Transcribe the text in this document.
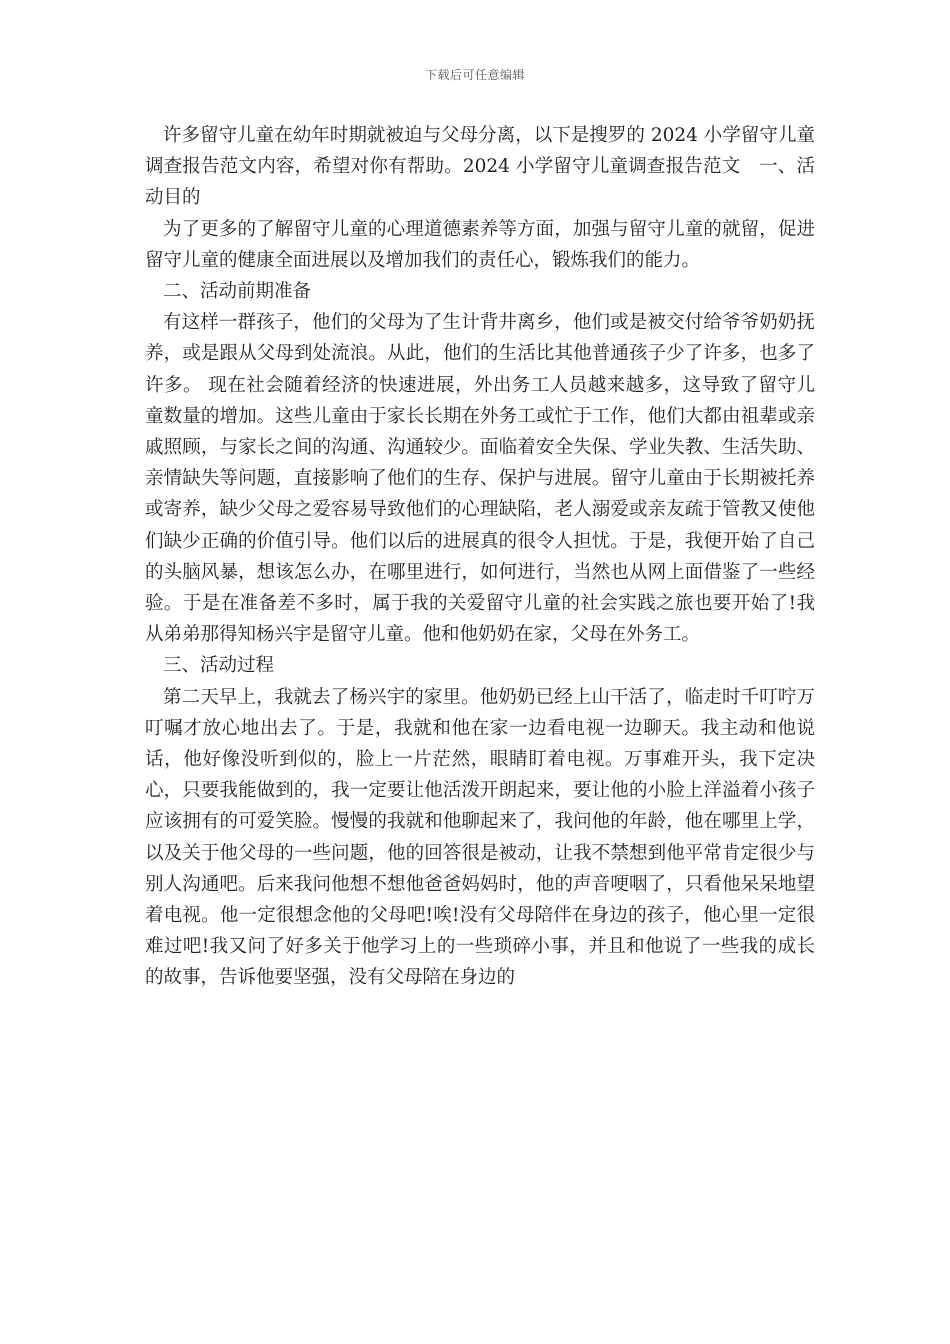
下载后可任意编辑

许多留守儿童在幼年时期就被迫与父母分离，以下是搜罗的 2024 小学留守儿童调查报告范文内容，希望对你有帮助。2024 小学留守儿童调查报告范文　一、活动目的

为了更多的了解留守儿童的心理道德素养等方面，加强与留守儿童的就留，促进留守儿童的健康全面进展以及增加我们的责任心，锻炼我们的能力。

二、活动前期准备

有这样一群孩子，他们的父母为了生计背井离乡，他们或是被交付给爷爷奶奶抚养，或是跟从父母到处流浪。从此，他们的生活比其他普通孩子少了许多，也多了许多。 现在社会随着经济的快速进展，外出务工人员越来越多，这导致了留守儿童数量的增加。这些儿童由于家长长期在外务工或忙于工作，他们大都由祖辈或亲戚照顾，与家长之间的沟通、沟通较少。面临着安全失保、学业失教、生活失助、亲情缺失等问题，直接影响了他们的生存、保护与进展。留守儿童由于长期被托养或寄养，缺少父母之爱容易导致他们的心理缺陷，老人溺爱或亲友疏于管教又使他们缺少正确的价值引导。他们以后的进展真的很令人担忧。于是，我便开始了自己的头脑风暴，想该怎么办，在哪里进行，如何进行，当然也从网上面借鉴了一些经验。于是在准备差不多时，属于我的关爱留守儿童的社会实践之旅也要开始了!我从弟弟那得知杨兴宇是留守儿童。他和他奶奶在家，父母在外务工。

三、活动过程

第二天早上，我就去了杨兴宇的家里。他奶奶已经上山干活了，临走时千叮咛万叮嘱才放心地出去了。于是，我就和他在家一边看电视一边聊天。我主动和他说话，他好像没听到似的，脸上一片茫然，眼睛盯着电视。万事难开头，我下定决心，只要我能做到的，我一定要让他活泼开朗起来，要让他的小脸上洋溢着小孩子应该拥有的可爱笑脸。慢慢的我就和他聊起来了，我问他的年龄，他在哪里上学，以及关于他父母的一些问题，他的回答很是被动，让我不禁想到他平常肯定很少与别人沟通吧。后来我问他想不想他爸爸妈妈时，他的声音哽咽了，只看他呆呆地望着电视。他一定很想念他的父母吧!唉!没有父母陪伴在身边的孩子，他心里一定很难过吧!我又问了好多关于他学习上的一些琐碎小事，并且和他说了一些我的成长的故事，告诉他要坚强，没有父母陪在身边的
